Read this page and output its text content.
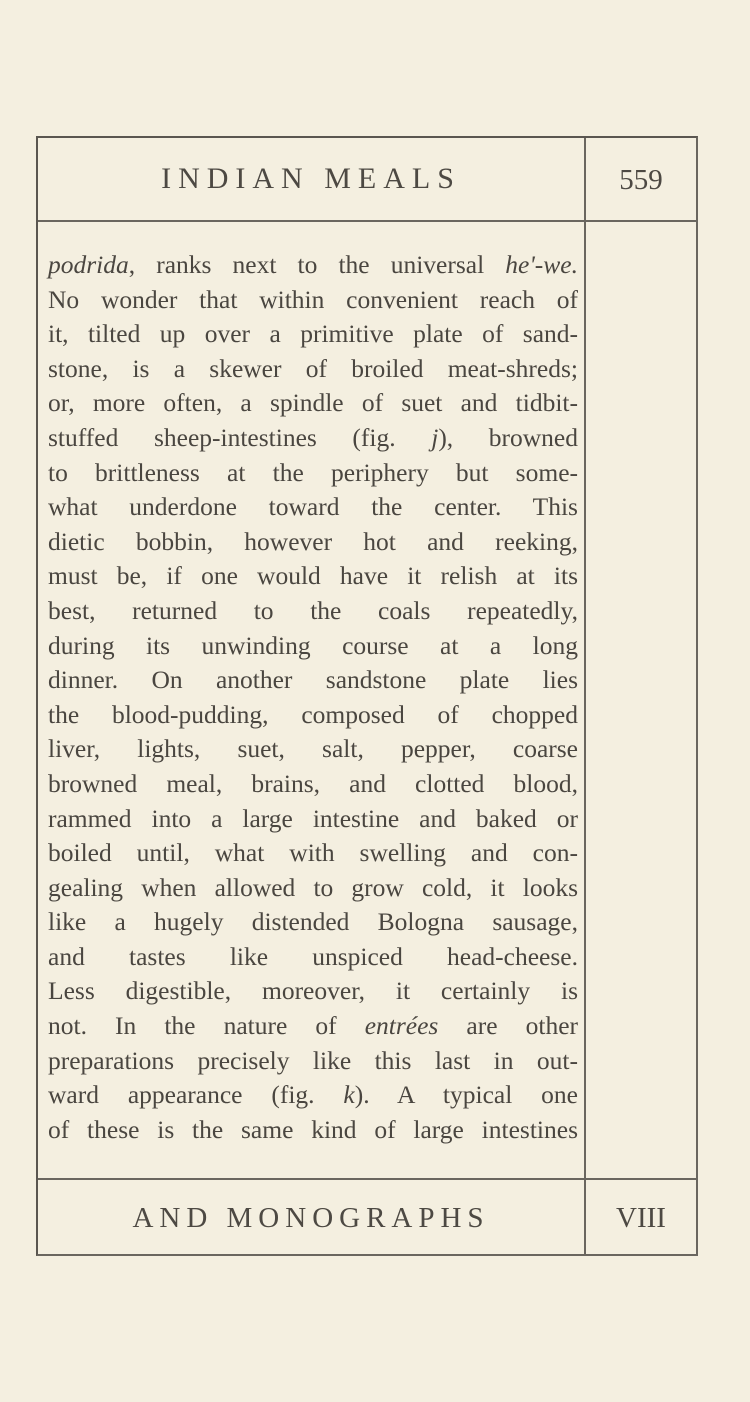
INDIAN MEALS	559
podrida, ranks next to the universal he'-we.
No wonder that within convenient reach of
it, tilted up over a primitive plate of sand-
stone, is a skewer of broiled meat-shreds;
or, more often, a spindle of suet and tidbit-
stuffed sheep-intestines (fig. j), browned
to brittleness at the periphery but some-
what underdone toward the center. This
dietic bobbin, however hot and reeking,
must be, if one would have it relish at its
best, returned to the coals repeatedly,
during its unwinding course at a long
dinner. On another sandstone plate lies
the blood-pudding, composed of chopped
liver, lights, suet, salt, pepper, coarse
browned meal, brains, and clotted blood,
rammed into a large intestine and baked or
boiled until, what with swelling and con-
gealing when allowed to grow cold, it looks
like a hugely distended Bologna sausage,
and tastes like unspiced head-cheese.
Less digestible, moreover, it certainly is
not. In the nature of entrées are other
preparations precisely like this last in out-
ward appearance (fig. k). A typical one
of these is the same kind of large intestines
AND MONOGRAPHS	VIII
